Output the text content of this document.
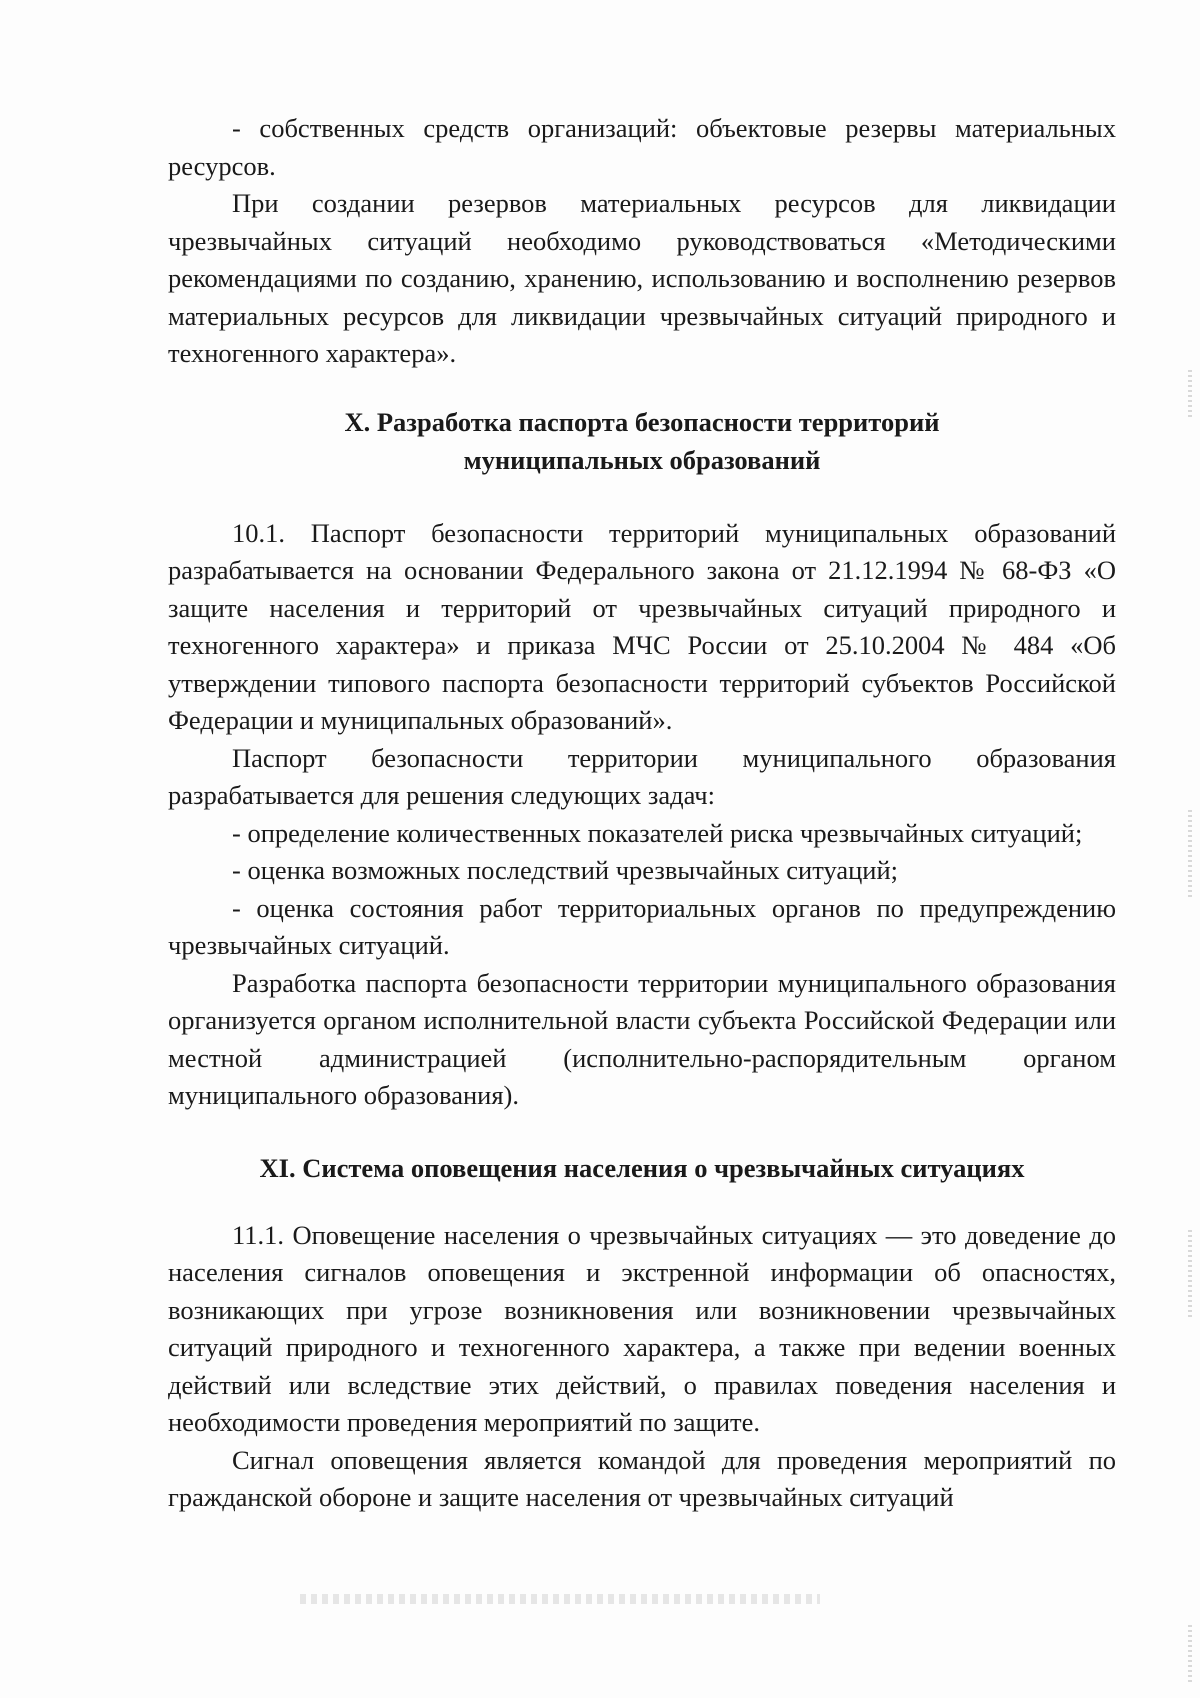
- собственных средств организаций: объектовые резервы материальных ресурсов.

При создании резервов материальных ресурсов для ликвидации чрезвычайных ситуаций необходимо руководствоваться «Методическими рекомендациями по созданию, хранению, использованию и восполнению резервов материальных ресурсов для ликвидации чрезвычайных ситуаций природного и техногенного характера».

X. Разработка паспорта безопасности территорий
муниципальных образований

10.1. Паспорт безопасности территорий муниципальных образований разрабатывается на основании Федерального закона от 21.12.1994 № 68-ФЗ «О защите населения и территорий от чрезвычайных ситуаций природного и техногенного характера» и приказа МЧС России от 25.10.2004 № 484 «Об утверждении типового паспорта безопасности территорий субъектов Российской Федерации и муниципальных образований».

Паспорт безопасности территории муниципального образования разрабатывается для решения следующих задач:

- определение количественных показателей риска чрезвычайных ситуаций;

- оценка возможных последствий чрезвычайных ситуаций;

- оценка состояния работ территориальных органов по предупреждению чрезвычайных ситуаций.

Разработка паспорта безопасности территории муниципального образования организуется органом исполнительной власти субъекта Российской Федерации или местной администрацией (исполнительно-распорядительным органом муниципального образования).

XI. Система оповещения населения о чрезвычайных ситуациях

11.1. Оповещение населения о чрезвычайных ситуациях — это доведение до населения сигналов оповещения и экстренной информации об опасностях, возникающих при угрозе возникновения или возникновении чрезвычайных ситуаций природного и техногенного характера, а также при ведении военных действий или вследствие этих действий, о правилах поведения населения и необходимости проведения мероприятий по защите.

Сигнал оповещения является командой для проведения мероприятий по гражданской обороне и защите населения от чрезвычайных ситуаций
